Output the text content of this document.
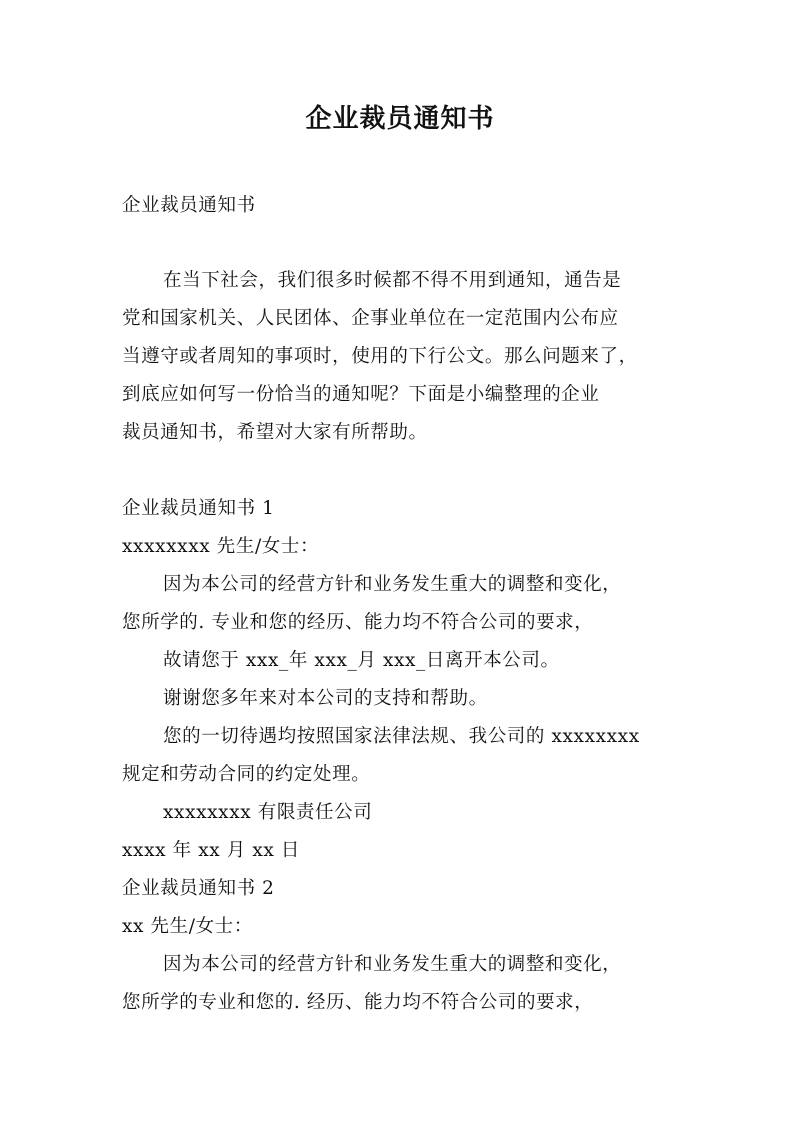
企业裁员通知书
企业裁员通知书
在当下社会，我们很多时候都不得不用到通知，通告是
党和国家机关、人民团体、企事业单位在一定范围内公布应
当遵守或者周知的事项时，使用的下行公文。那么问题来了，
到底应如何写一份恰当的通知呢？下面是小编整理的企业
裁员通知书，希望对大家有所帮助。
企业裁员通知书 1
xxxxxxxx 先生/女士：
因为本公司的经营方针和业务发生重大的调整和变化，
您所学的. 专业和您的经历、能力均不符合公司的要求，
故请您于 xxx_年 xxx_月 xxx_日离开本公司。
谢谢您多年来对本公司的支持和帮助。
您的一切待遇均按照国家法律法规、我公司的 xxxxxxxx
规定和劳动合同的约定处理。
xxxxxxxx 有限责任公司
xxxx 年 xx 月 xx 日
企业裁员通知书 2
xx 先生/女士：
因为本公司的经营方针和业务发生重大的调整和变化，
您所学的专业和您的. 经历、能力均不符合公司的要求，
